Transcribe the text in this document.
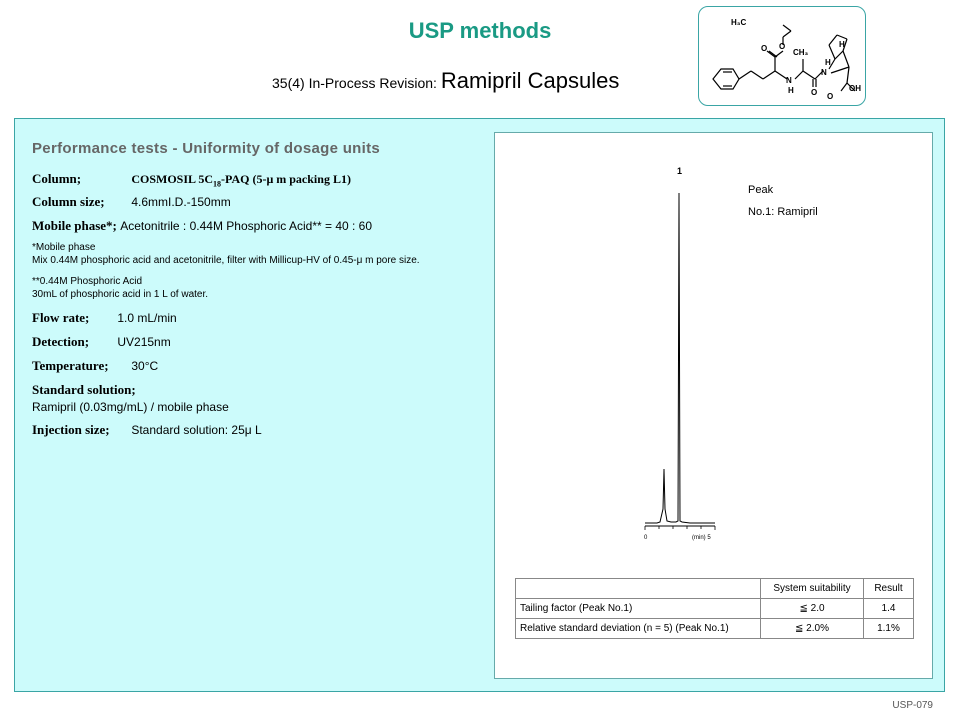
USP methods
35(4) In-Process Revision: Ramipril Capsules
H₃C
O O
N
H
CH₃
O
N
H
H
O
OH
Performance tests - Uniformity of dosage units
Column;	COSMOSIL $5C_{18}$-PAQ (5-μ m packing L1)
Column size; 4.6mmI.D.-150mm
Mobile phase*; Acetonitrile : 0.44M Phosphoric Acid** = 40 : 60
*Mobile phase
Mix 0.44M phosphoric acid and acetonitrile, filter with Millicup-HV of 0.45-μ m pore size.
**0.44M Phosphoric Acid
30mL of phosphoric acid in 1 L of water.
Flow rate; 1.0 mL/min
Detection; UV215nm
Temperature; 30°C
Standard solution;
Ramipril (0.03mg/mL) / mobile phase
Injection size; Standard solution: 25μ L
1
0	(min) 5
Peak
No.1: Ramipril
	System suitability	Result
Tailing factor (Peak No.1)	≦ 2.0	1.4
Relative standard deviation (n = 5) (Peak No.1)	≦ 2.0%	1.1%
USP-079
